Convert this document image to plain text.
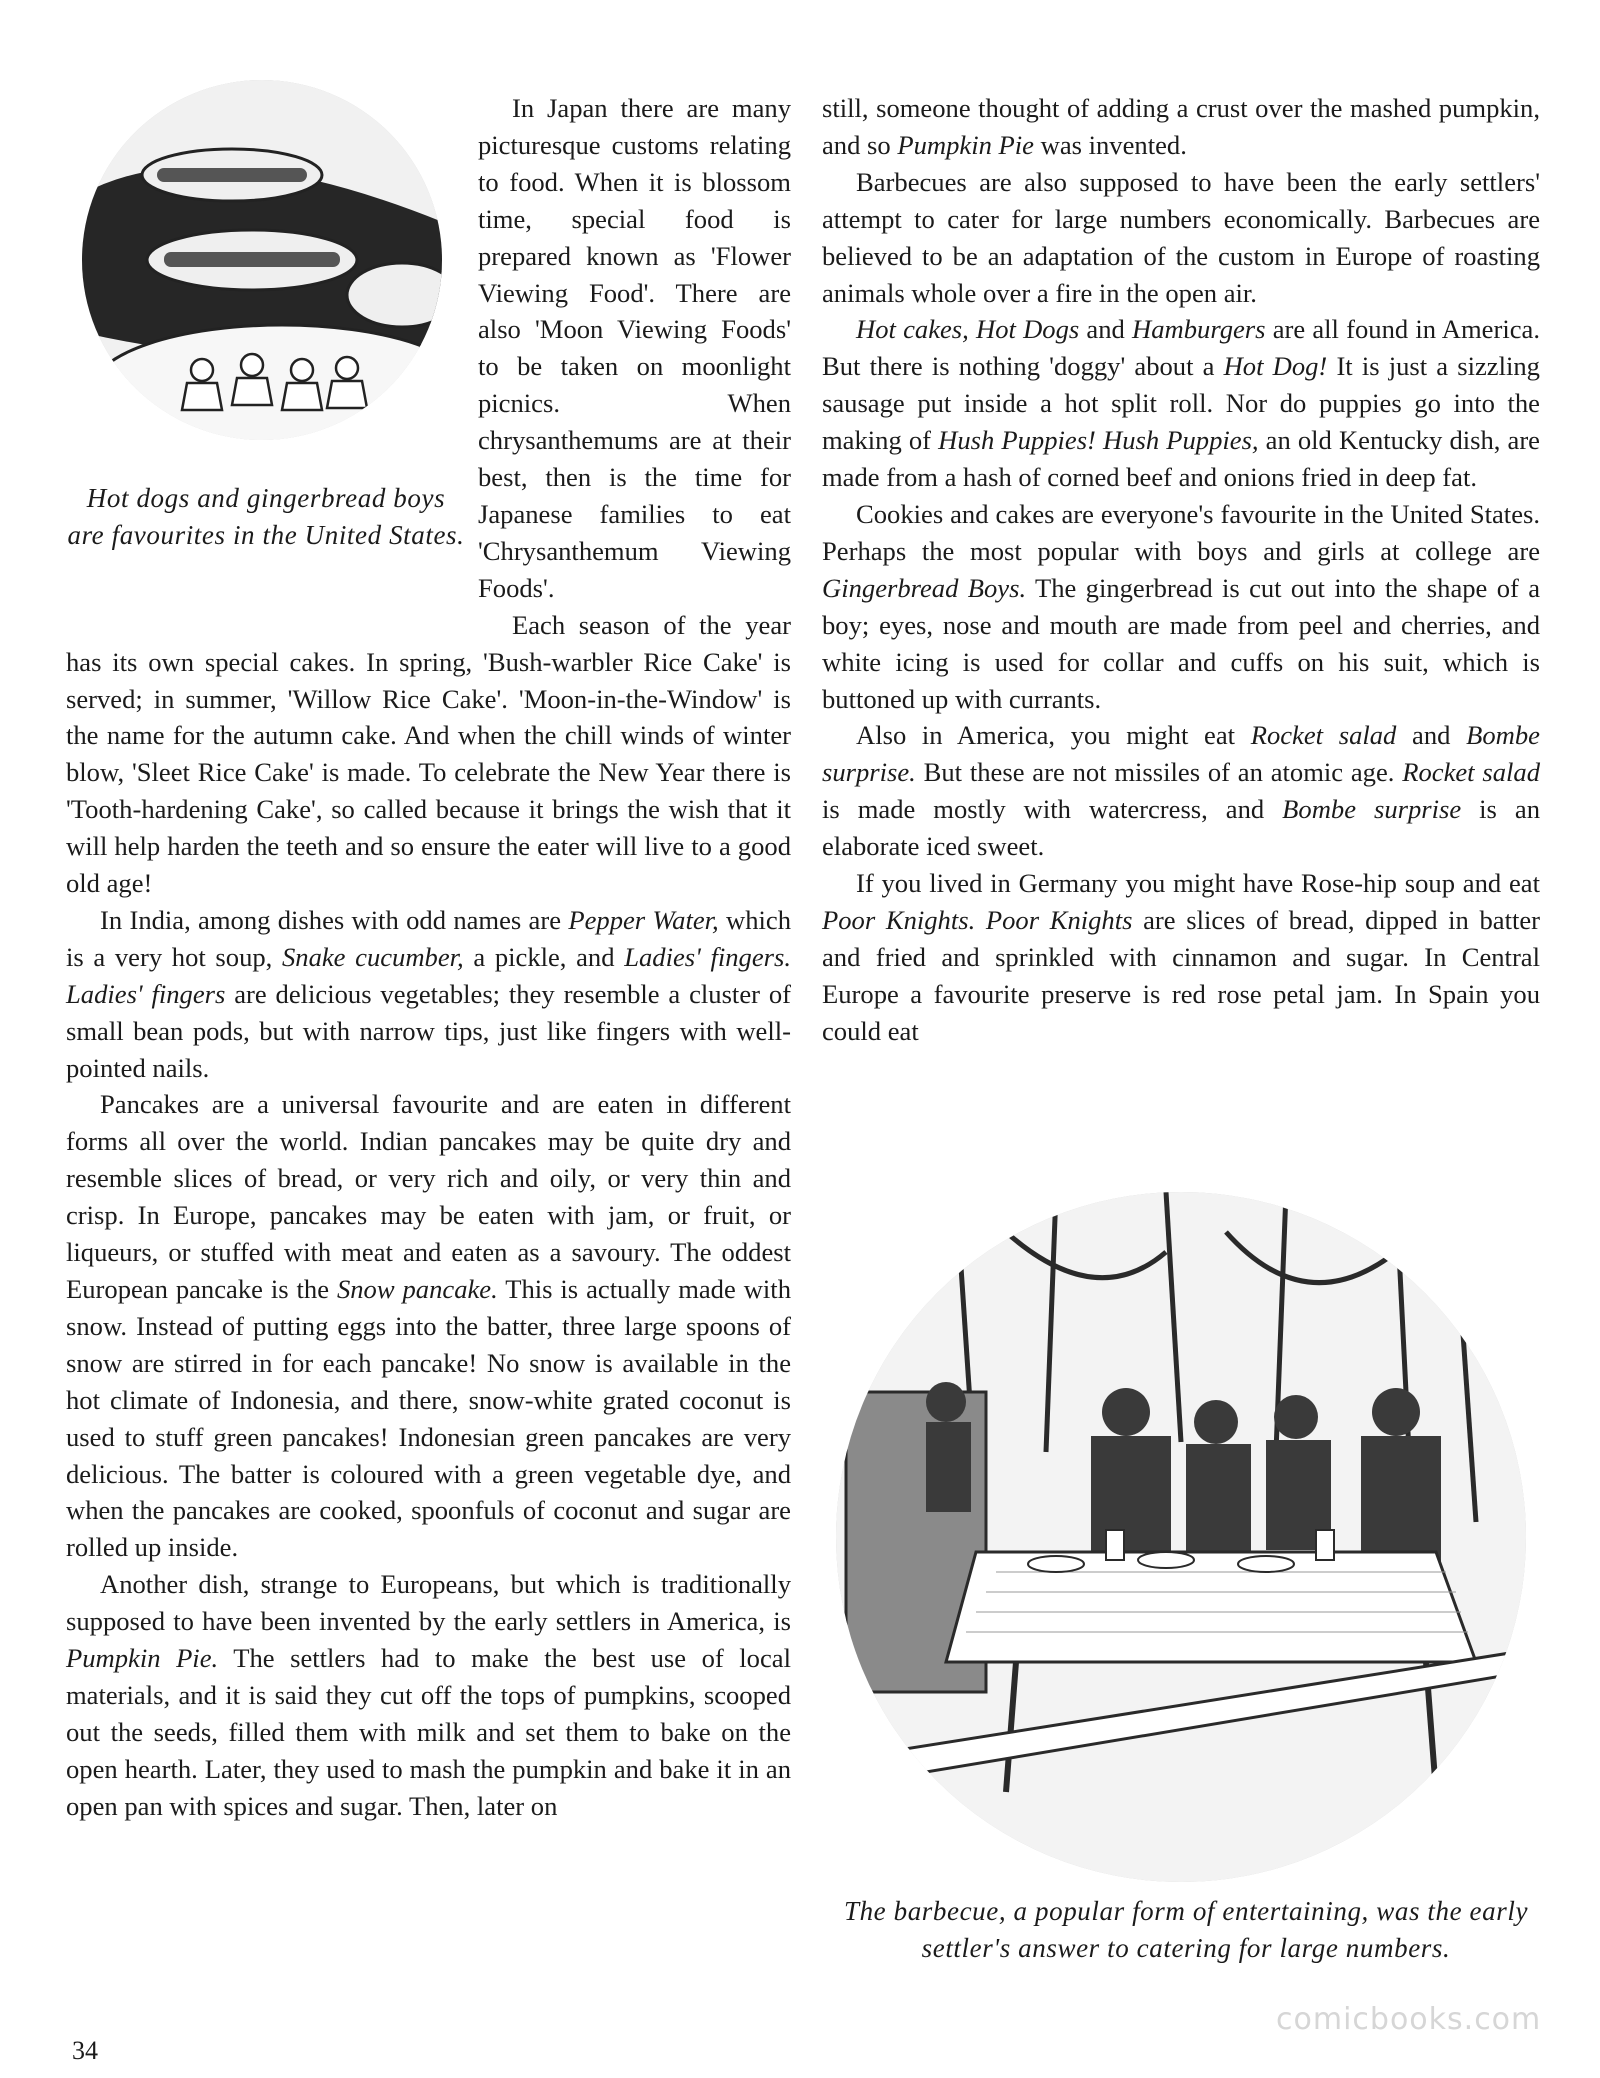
Hot dogs and gingerbread boys are favourites in the United States.

In Japan there are many picturesque customs relating to food. When it is blossom time, special food is prepared known as 'Flower Viewing Food'. There are also 'Moon Viewing Foods' to be taken on moonlight picnics. When chrysanthemums are at their best, then is the time for Japanese families to eat 'Chrysanthemum Viewing Foods'.

Each season of the year has its own special cakes. In spring, 'Bush-warbler Rice Cake' is served; in summer, 'Willow Rice Cake'. 'Moon-in-the-Window' is the name for the autumn cake. And when the chill winds of winter blow, 'Sleet Rice Cake' is made. To celebrate the New Year there is 'Tooth-hardening Cake', so called because it brings the wish that it will help harden the teeth and so ensure the eater will live to a good old age!

In India, among dishes with odd names are Pepper Water, which is a very hot soup, Snake cucumber, a pickle, and Ladies' fingers. Ladies' fingers are delicious vegetables; they resemble a cluster of small bean pods, but with narrow tips, just like fingers with well-pointed nails.

Pancakes are a universal favourite and are eaten in different forms all over the world. Indian pancakes may be quite dry and resemble slices of bread, or very rich and oily, or very thin and crisp. In Europe, pancakes may be eaten with jam, or fruit, or liqueurs, or stuffed with meat and eaten as a savoury. The oddest European pancake is the Snow pancake. This is actually made with snow. Instead of putting eggs into the batter, three large spoons of snow are stirred in for each pancake! No snow is available in the hot climate of Indonesia, and there, snow-white grated coconut is used to stuff green pancakes! Indonesian green pancakes are very delicious. The batter is coloured with a green vegetable dye, and when the pancakes are cooked, spoonfuls of coconut and sugar are rolled up inside.

Another dish, strange to Europeans, but which is traditionally supposed to have been invented by the early settlers in America, is Pumpkin Pie. The settlers had to make the best use of local materials, and it is said they cut off the tops of pumpkins, scooped out the seeds, filled them with milk and set them to bake on the open hearth. Later, they used to mash the pumpkin and bake it in an open pan with spices and sugar. Then, later on

still, someone thought of adding a crust over the mashed pumpkin, and so Pumpkin Pie was invented.

Barbecues are also supposed to have been the early settlers' attempt to cater for large numbers economically. Barbecues are believed to be an adaptation of the custom in Europe of roasting animals whole over a fire in the open air.

Hot cakes, Hot Dogs and Hamburgers are all found in America. But there is nothing 'doggy' about a Hot Dog! It is just a sizzling sausage put inside a hot split roll. Nor do puppies go into the making of Hush Puppies! Hush Puppies, an old Kentucky dish, are made from a hash of corned beef and onions fried in deep fat.

Cookies and cakes are everyone's favourite in the United States. Perhaps the most popular with boys and girls at college are Gingerbread Boys. The gingerbread is cut out into the shape of a boy; eyes, nose and mouth are made from peel and cherries, and white icing is used for collar and cuffs on his suit, which is buttoned up with currants.

Also in America, you might eat Rocket salad and Bombe surprise. But these are not missiles of an atomic age. Rocket salad is made mostly with watercress, and Bombe surprise is an elaborate iced sweet.

If you lived in Germany you might have Rose-hip soup and eat Poor Knights. Poor Knights are slices of bread, dipped in batter and fried and sprinkled with cinnamon and sugar. In Central Europe a favourite preserve is red rose petal jam. In Spain you could eat

The barbecue, a popular form of entertaining, was the early settler's answer to catering for large numbers.
34
comicbooks.com
